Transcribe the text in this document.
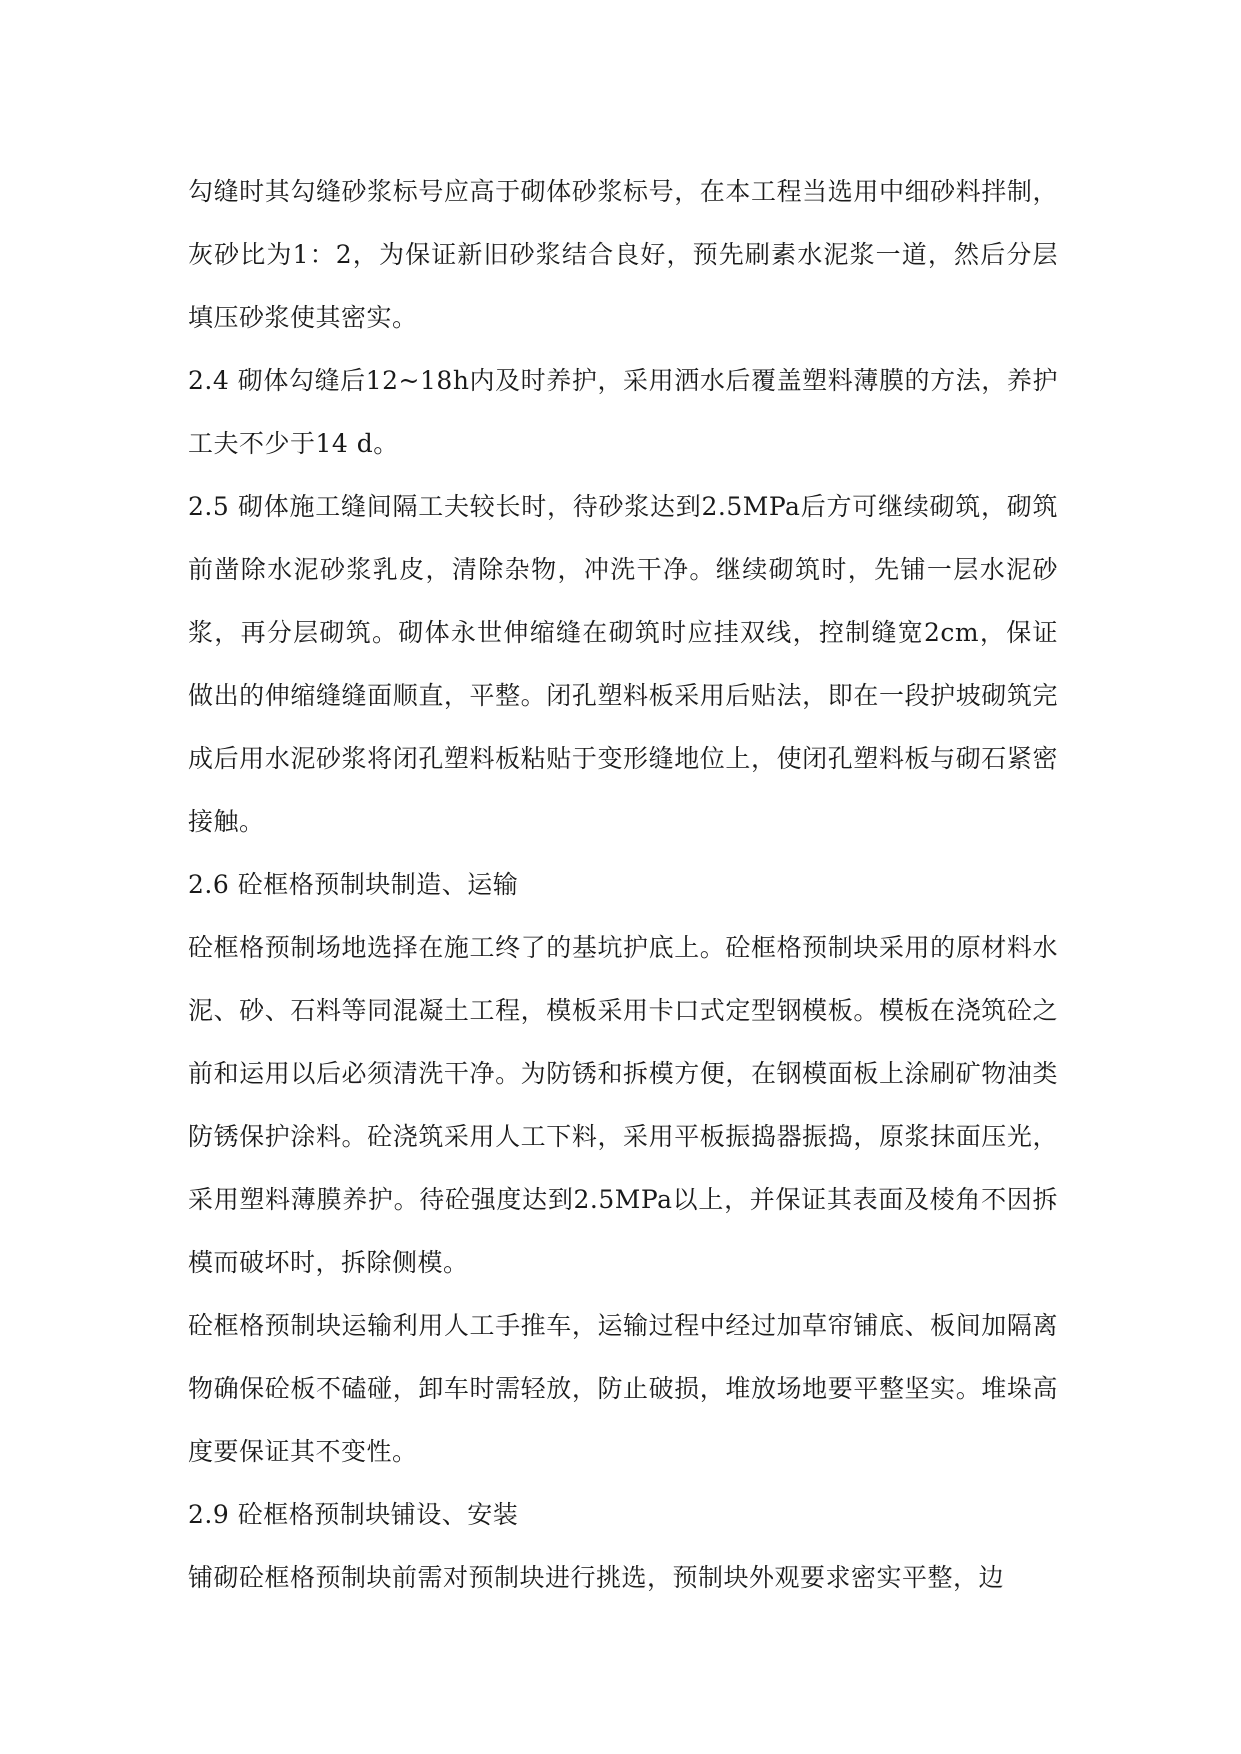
勾缝时其勾缝砂浆标号应高于砌体砂浆标号，在本工程当选用中细砂料拌制，灰砂比为1：2，为保证新旧砂浆结合良好，预先刷素水泥浆一道，然后分层填压砂浆使其密实。

2.4 砌体勾缝后12~18h内及时养护，采用洒水后覆盖塑料薄膜的方法，养护工夫不少于14 d。

2.5 砌体施工缝间隔工夫较长时，待砂浆达到2.5MPa后方可继续砌筑，砌筑前凿除水泥砂浆乳皮，清除杂物，冲洗干净。继续砌筑时，先铺一层水泥砂浆，再分层砌筑。砌体永世伸缩缝在砌筑时应挂双线，控制缝宽2cm，保证做出的伸缩缝缝面顺直，平整。闭孔塑料板采用后贴法，即在一段护坡砌筑完成后用水泥砂浆将闭孔塑料板粘贴于变形缝地位上，使闭孔塑料板与砌石紧密接触。

2.6 砼框格预制块制造、运输

砼框格预制场地选择在施工终了的基坑护底上。砼框格预制块采用的原材料水泥、砂、石料等同混凝土工程，模板采用卡口式定型钢模板。模板在浇筑砼之前和运用以后必须清洗干净。为防锈和拆模方便，在钢模面板上涂刷矿物油类防锈保护涂料。砼浇筑采用人工下料，采用平板振捣器振捣，原浆抹面压光，采用塑料薄膜养护。待砼强度达到2.5MPa以上，并保证其表面及棱角不因拆模而破坏时，拆除侧模。

砼框格预制块运输利用人工手推车，运输过程中经过加草帘铺底、板间加隔离物确保砼板不磕碰，卸车时需轻放，防止破损，堆放场地要平整坚实。堆垛高度要保证其不变性。

2.9 砼框格预制块铺设、安装

铺砌砼框格预制块前需对预制块进行挑选，预制块外观要求密实平整，边
